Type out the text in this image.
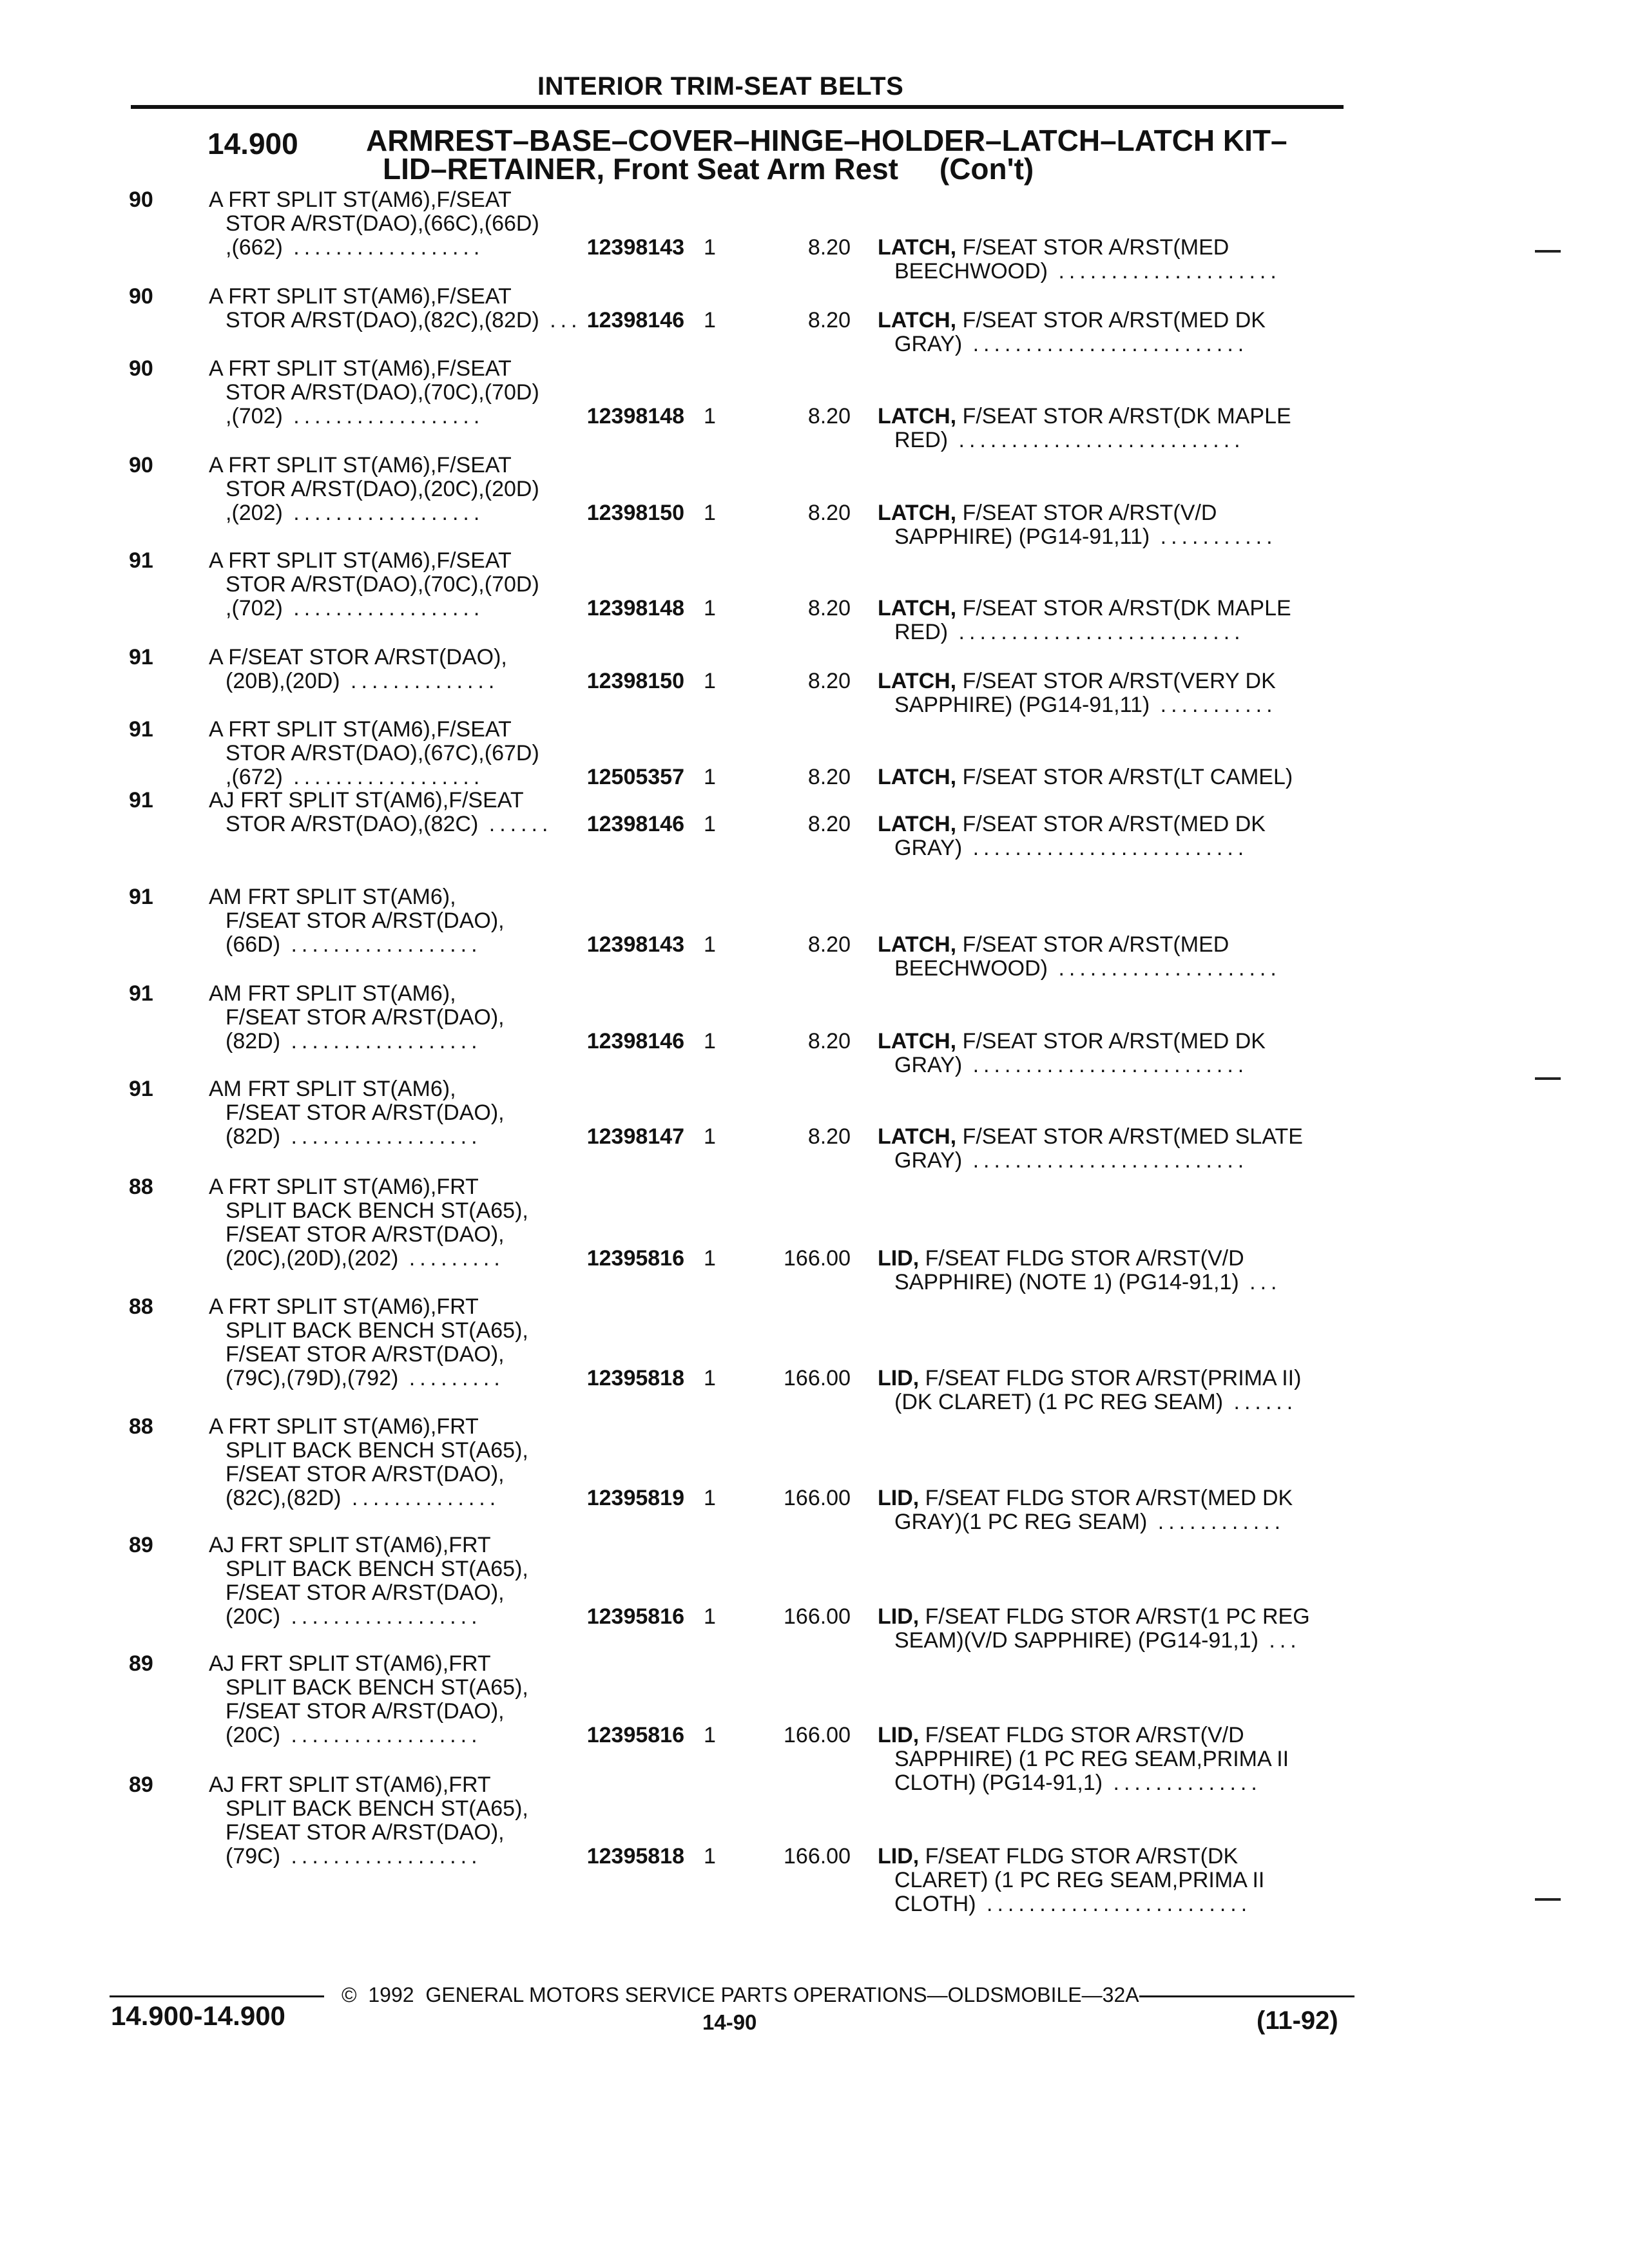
INTERIOR TRIM-SEAT BELTS
14.900 ARMREST–BASE–COVER–HINGE–HOLDER–LATCH–LATCH KIT–
LID–RETAINER, Front Seat Arm Rest     (Con't)
90	A FRT SPLIT ST(AM6),F/SEAT
STOR A/RST(DAO),(66C),(66D)
,(662) ..................	12398143 1	8.20 LATCH, F/SEAT STOR A/RST(MED
BEECHWOOD) .....................
90	A FRT SPLIT ST(AM6),F/SEAT
STOR A/RST(DAO),(82C),(82D) ... 12398146 1	8.20 LATCH, F/SEAT STOR A/RST(MED DK
GRAY) ..........................
90	A FRT SPLIT ST(AM6),F/SEAT
STOR A/RST(DAO),(70C),(70D)
,(702) ..................	12398148 1	8.20 LATCH, F/SEAT STOR A/RST(DK MAPLE
RED) ...........................
90	A FRT SPLIT ST(AM6),F/SEAT
STOR A/RST(DAO),(20C),(20D)
,(202) ..................	12398150 1	8.20 LATCH, F/SEAT STOR A/RST(V/D
SAPPHIRE) (PG14-91,11) ...........
91	A FRT SPLIT ST(AM6),F/SEAT
STOR A/RST(DAO),(70C),(70D)
,(702) ..................	12398148 1	8.20 LATCH, F/SEAT STOR A/RST(DK MAPLE
RED) ...........................
91	A F/SEAT STOR A/RST(DAO),
(20B),(20D) ..............	12398150 1	8.20 LATCH, F/SEAT STOR A/RST(VERY DK
SAPPHIRE) (PG14-91,11) ...........
91	A FRT SPLIT ST(AM6),F/SEAT
STOR A/RST(DAO),(67C),(67D)
,(672) ..................	12505357 1	8.20 LATCH, F/SEAT STOR A/RST(LT CAMEL)
91	AJ FRT SPLIT ST(AM6),F/SEAT
STOR A/RST(DAO),(82C) ......	12398146 1	8.20 LATCH, F/SEAT STOR A/RST(MED DK
GRAY) ..........................
91	AM FRT SPLIT ST(AM6),
F/SEAT STOR A/RST(DAO),
(66D) ..................	12398143 1	8.20 LATCH, F/SEAT STOR A/RST(MED
BEECHWOOD) .....................
91	AM FRT SPLIT ST(AM6),
F/SEAT STOR A/RST(DAO),
(82D) ..................	12398146 1	8.20 LATCH, F/SEAT STOR A/RST(MED DK
GRAY) ..........................
91	AM FRT SPLIT ST(AM6),
F/SEAT STOR A/RST(DAO),
(82D) ..................	12398147 1	8.20 LATCH, F/SEAT STOR A/RST(MED SLATE
GRAY) ..........................
88	A FRT SPLIT ST(AM6),FRT
SPLIT BACK BENCH ST(A65),
F/SEAT STOR A/RST(DAO),
(20C),(20D),(202) .........	12395816 1	166.00 LID, F/SEAT FLDG STOR A/RST(V/D
SAPPHIRE) (NOTE 1) (PG14-91,1) ...
88	A FRT SPLIT ST(AM6),FRT
SPLIT BACK BENCH ST(A65),
F/SEAT STOR A/RST(DAO),
(79C),(79D),(792) .........	12395818 1	166.00 LID, F/SEAT FLDG STOR A/RST(PRIMA II)
(DK CLARET) (1 PC REG SEAM) ......
88	A FRT SPLIT ST(AM6),FRT
SPLIT BACK BENCH ST(A65),
F/SEAT STOR A/RST(DAO),
(82C),(82D) ..............	12395819 1	166.00 LID, F/SEAT FLDG STOR A/RST(MED DK
GRAY)(1 PC REG SEAM) ............
89	AJ FRT SPLIT ST(AM6),FRT
SPLIT BACK BENCH ST(A65),
F/SEAT STOR A/RST(DAO),
(20C) ..................	12395816 1	166.00 LID, F/SEAT FLDG STOR A/RST(1 PC REG
SEAM)(V/D SAPPHIRE) (PG14-91,1) ...
89	AJ FRT SPLIT ST(AM6),FRT
SPLIT BACK BENCH ST(A65),
F/SEAT STOR A/RST(DAO),
(20C) ..................	12395816 1	166.00 LID, F/SEAT FLDG STOR A/RST(V/D
SAPPHIRE) (1 PC REG SEAM,PRIMA II
CLOTH) (PG14-91,1) ..............
89	AJ FRT SPLIT ST(AM6),FRT
SPLIT BACK BENCH ST(A65),
F/SEAT STOR A/RST(DAO),
(79C) ..................	12395818 1	166.00 LID, F/SEAT FLDG STOR A/RST(DK
CLARET) (1 PC REG SEAM,PRIMA II
CLOTH) .........................
©  1992  GENERAL MOTORS SERVICE PARTS OPERATIONS—OLDSMOBILE—32A
14.900-14.900	14-90	(11-92)
